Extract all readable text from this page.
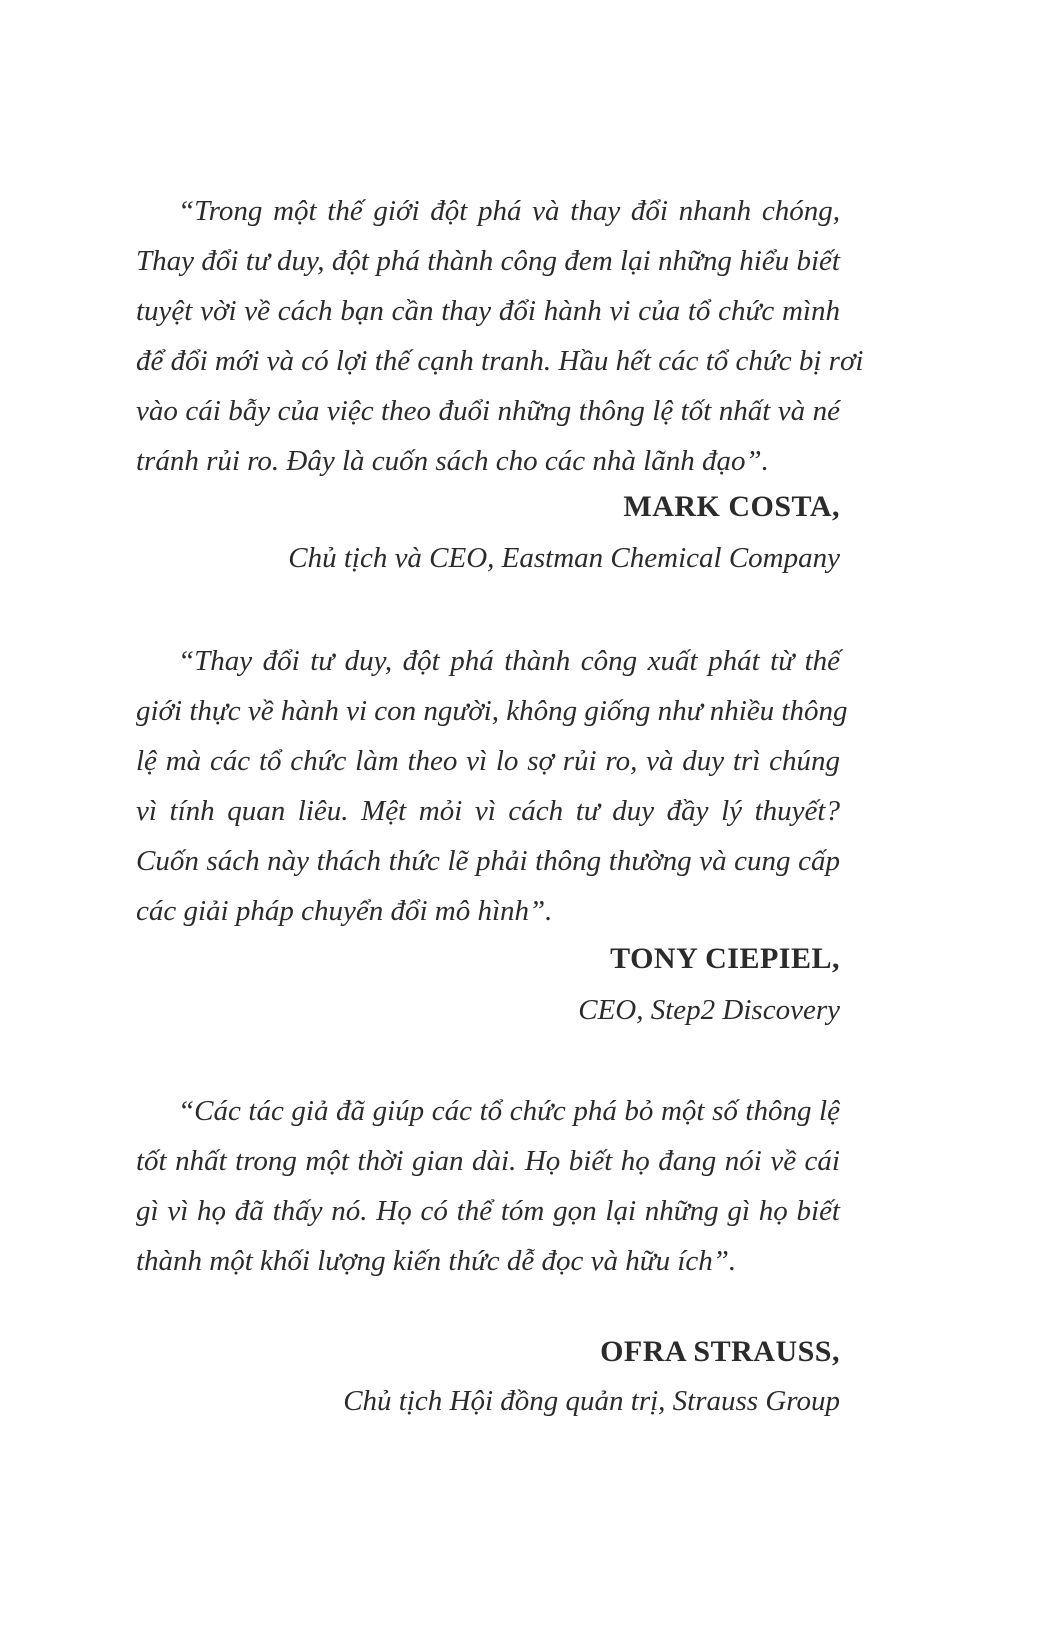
“Trong một thế giới đột phá và thay đổi nhanh chóng,
Thay đổi tư duy, đột phá thành công đem lại những hiểu biết
tuyệt vời về cách bạn cần thay đổi hành vi của tổ chức mình
để đổi mới và có lợi thế cạnh tranh. Hầu hết các tổ chức bị rơi
vào cái bẫy của việc theo đuổi những thông lệ tốt nhất và né
tránh rủi ro. Đây là cuốn sách cho các nhà lãnh đạo”.
MARK COSTA,
Chủ tịch và CEO, Eastman Chemical Company
“Thay đổi tư duy, đột phá thành công xuất phát từ thế
giới thực về hành vi con người, không giống như nhiều thông
lệ mà các tổ chức làm theo vì lo sợ rủi ro, và duy trì chúng
vì tính quan liêu. Mệt mỏi vì cách tư duy đầy lý thuyết?
Cuốn sách này thách thức lẽ phải thông thường và cung cấp
các giải pháp chuyển đổi mô hình”.
TONY CIEPIEL,
CEO, Step2 Discovery
“Các tác giả đã giúp các tổ chức phá bỏ một số thông lệ
tốt nhất trong một thời gian dài. Họ biết họ đang nói về cái
gì vì họ đã thấy nó. Họ có thể tóm gọn lại những gì họ biết
thành một khối lượng kiến thức dễ đọc và hữu ích”.
OFRA STRAUSS,
Chủ tịch Hội đồng quản trị, Strauss Group
